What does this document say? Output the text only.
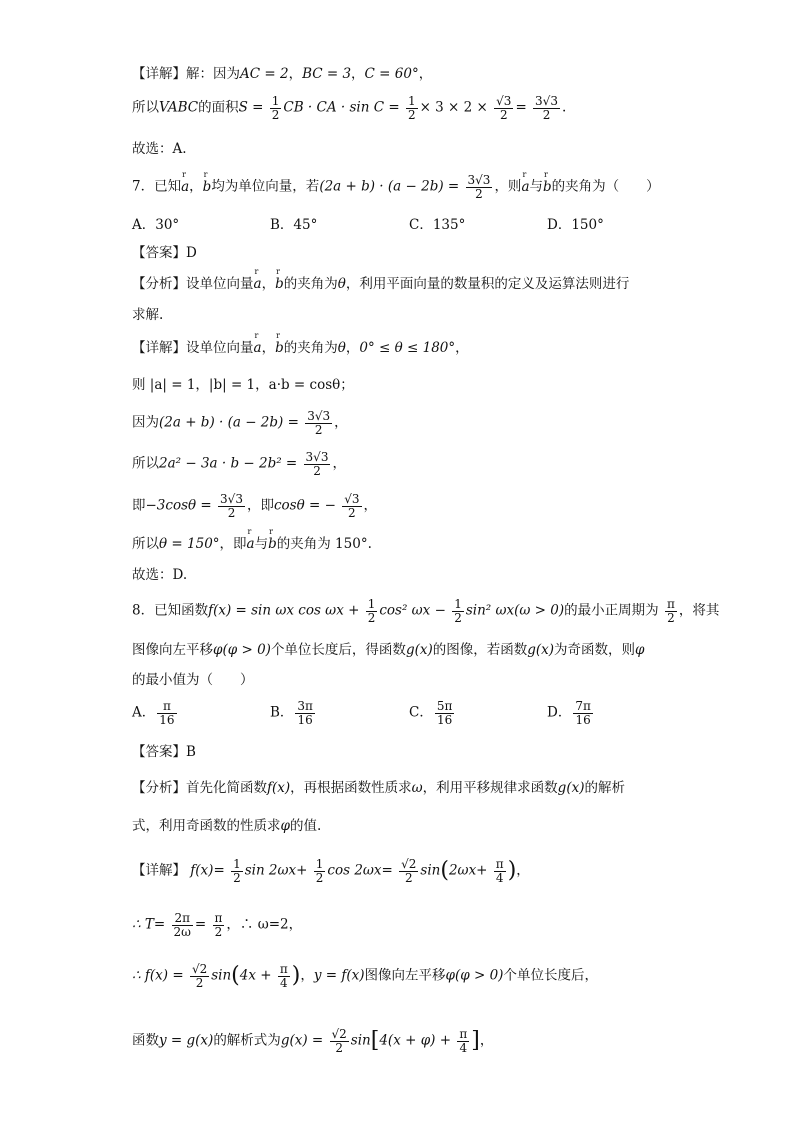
【详解】解：因为AC = 2，BC = 3，C = 60°，
所以VABC的面积$S = \frac{1}{2}$ CB · CA · $\sin C = \frac{1}{2} \times 3 \times 2 \times \frac{√3}{2} = \frac{3√3}{2}$ .
故选：A.
7．已知r a，r b均为单位向量，若$(2a + b) \cdot (a - 2b) = \frac{3√3}{2}$ ，则r a与r b的夹角为（　　）
A．30°	B．45°	C．135°	D．150°
【答案】D
【分析】设单位向量r a，r b的夹角为θ，利用平面向量的数量积的定义及运算法则进行
求解.
【详解】设单位向量r a，r b的夹角为θ，0° ≤ θ ≤ 180°，
则 |a| = 1，|b| = 1，a·b = cosθ；
因为$(2a + b) \cdot (a - 2b) = \frac{3√3}{2}$ ，
所以$2a^2 - 3a \cdot b - 2b^2 = \frac{3√3}{2}$ ，
即$-3\cos\theta = \frac{3√3}{2}$ ，即cosθ = − $\frac{√3}{2}$ ，
所以θ = 150°，即r a与r b的夹角为 150°.
故选：D.
8．已知函数f(x) = sin ωx $\cos \omega x + \frac{1}{2} \cos^2$ $\omega x - \frac{1}{2} \sin^2$ ωx(ω > 0)的最小正周期为 $\frac{\pi}{2}$ ，将其
图像向左平移φ(φ > 0)个单位长度后，得函数g(x)的图像，若函数g(x)为奇函数，则φ
的最小值为（　　）
A． $\frac{\pi}{16}$	B． $\frac{3\pi}{16}$	C． $\frac{5\pi}{16}$	D． $\frac{7\pi}{16}$
【答案】B
【分析】首先化简函数f(x)，再根据函数性质求ω，利用平移规律求函数g(x)的解析
式，利用奇函数的性质求φ的值.
【详解】 $f(x)= \frac{1}{2}$ $\sin 2\omega x+ \frac{1}{2}$ $\cos 2\omega x= \frac{√2}{2} \sin(2\omega x+ \frac{\pi}{4}$ )，
∴ $T= \frac{2\pi}{2\omega} = \frac{\pi}{2}$ ，∴ ω=2，
∴ $f(x) = \frac{√2}{2} \sin(4x + \frac{\pi}{4}$ )，y = f(x)图像向左平移φ(φ > 0)个单位长度后，
函数y = g(x)的解析式为$g(x) = \frac{√2}{2} \sin[4(x + \varphi) + \frac{\pi}{4}$ ]，
